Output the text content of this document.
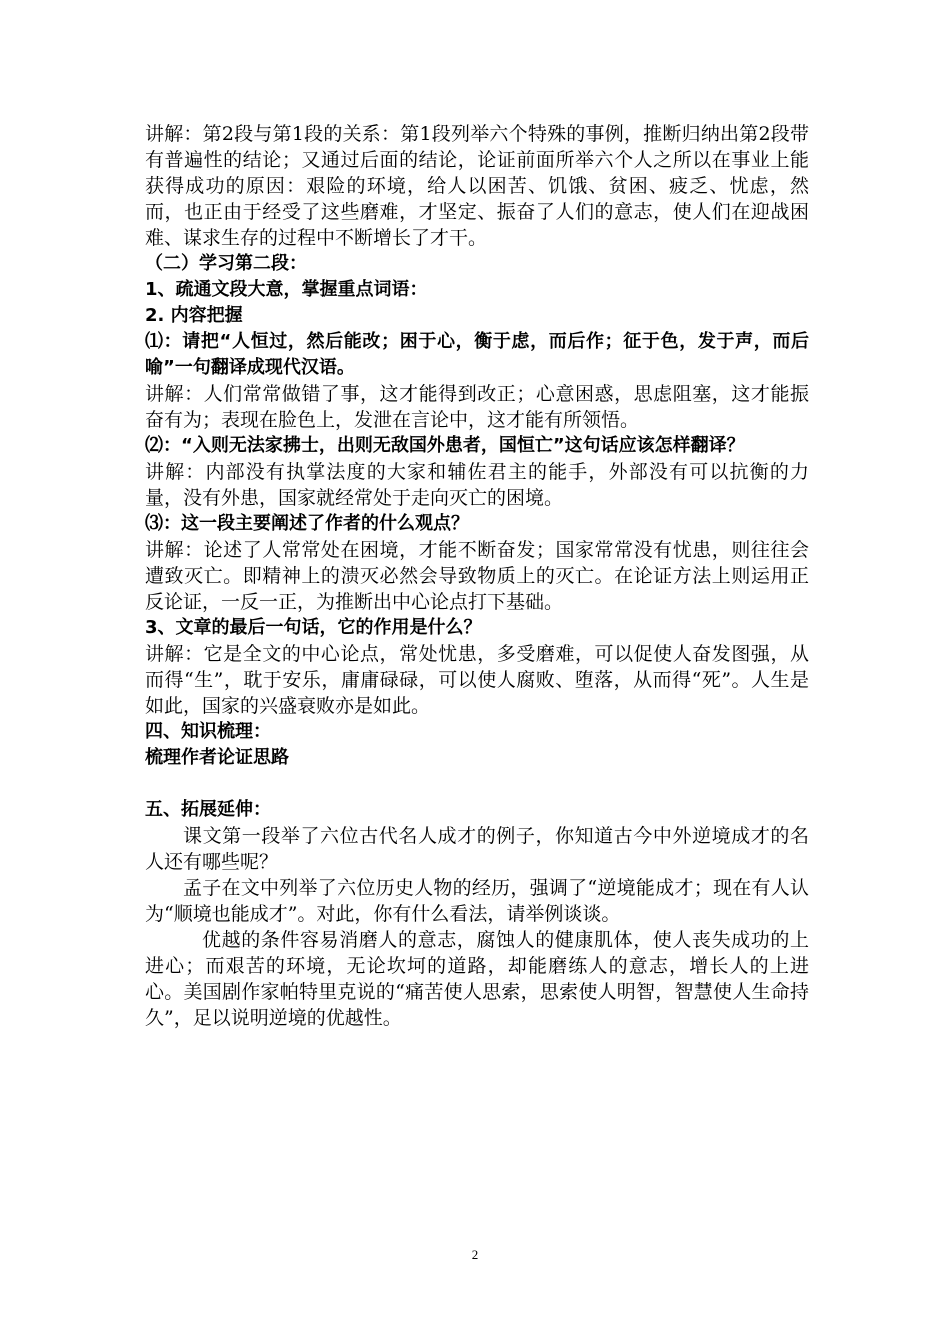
讲解：第2段与第1段的关系：第1段列举六个特殊的事例，推断归纳出第2段带有普遍性的结论；又通过后面的结论，论证前面所举六个人之所以在事业上能获得成功的原因：艰险的环境，给人以困苦、饥饿、贫困、疲乏、忧虑，然而，也正由于经受了这些磨难，才坚定、振奋了人们的意志，使人们在迎战困难、谋求生存的过程中不断增长了才干。

（二）学习第二段：

1、疏通文段大意，掌握重点词语：

2. 内容把握

⑴：请把“人恒过，然后能改；困于心，衡于虑，而后作；征于色，发于声，而后喻”一句翻译成现代汉语。

讲解：人们常常做错了事，这才能得到改正；心意困惑，思虑阻塞，这才能振奋有为；表现在脸色上，发泄在言论中，这才能有所领悟。

⑵：“入则无法家拂士，出则无敌国外患者，国恒亡”这句话应该怎样翻译？

讲解：内部没有执掌法度的大家和辅佐君主的能手，外部没有可以抗衡的力量，没有外患，国家就经常处于走向灭亡的困境。

⑶：这一段主要阐述了作者的什么观点？

讲解：论述了人常常处在困境，才能不断奋发；国家常常没有忧患，则往往会遭致灭亡。即精神上的溃灭必然会导致物质上的灭亡。在论证方法上则运用正反论证，一反一正，为推断出中心论点打下基础。

3、文章的最后一句话，它的作用是什么？

讲解：它是全文的中心论点，常处忧患，多受磨难，可以促使人奋发图强，从而得“生”，耽于安乐，庸庸碌碌，可以使人腐败、堕落，从而得“死”。人生是如此，国家的兴盛衰败亦是如此。

四、知识梳理：

梳理作者论证思路

五、拓展延伸：

课文第一段举了六位古代名人成才的例子，你知道古今中外逆境成才的名人还有哪些呢？

孟子在文中列举了六位历史人物的经历，强调了“逆境能成才；现在有人认为“顺境也能成才”。对此，你有什么看法，请举例谈谈。

优越的条件容易消磨人的意志，腐蚀人的健康肌体，使人丧失成功的上进心；而艰苦的环境，无论坎坷的道路，却能磨练人的意志，增长人的上进心。美国剧作家帕特里克说的“痛苦使人思索，思索使人明智，智慧使人生命持久”，足以说明逆境的优越性。

2
